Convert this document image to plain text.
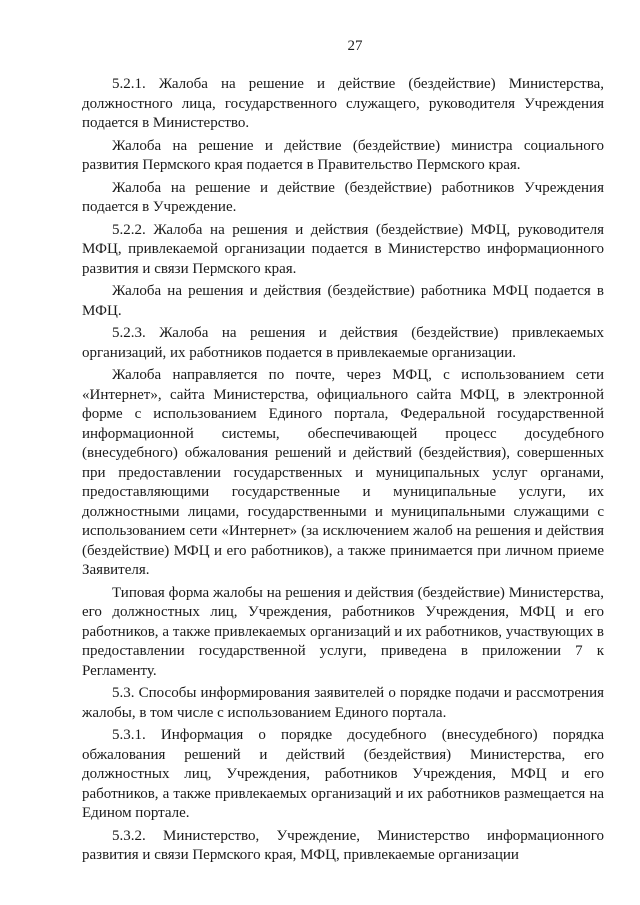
27

5.2.1. Жалоба на решение и действие (бездействие) Министерства, должностного лица, государственного служащего, руководителя Учреждения подается в Министерство.

Жалоба на решение и действие (бездействие) министра социального развития Пермского края подается в Правительство Пермского края.

Жалоба на решение и действие (бездействие) работников Учреждения подается в Учреждение.

5.2.2. Жалоба на решения и действия (бездействие) МФЦ, руководителя МФЦ, привлекаемой организации подается в Министерство информационного развития и связи Пермского края.

Жалоба на решения и действия (бездействие) работника МФЦ подается в МФЦ.

5.2.3. Жалоба на решения и действия (бездействие) привлекаемых организаций, их работников подается в привлекаемые организации.

Жалоба направляется по почте, через МФЦ, с использованием сети «Интернет», сайта Министерства, официального сайта МФЦ, в электронной форме с использованием Единого портала, Федеральной государственной информационной системы, обеспечивающей процесс досудебного (внесудебного) обжалования решений и действий (бездействия), совершенных при предоставлении государственных и муниципальных услуг органами, предоставляющими государственные и муниципальные услуги, их должностными лицами, государственными и муниципальными служащими с использованием сети «Интернет» (за исключением жалоб на решения и действия (бездействие) МФЦ и его работников), а также принимается при личном приеме Заявителя.

Типовая форма жалобы на решения и действия (бездействие) Министерства, его должностных лиц, Учреждения, работников Учреждения, МФЦ и его работников, а также привлекаемых организаций и их работников, участвующих в предоставлении государственной услуги, приведена в приложении 7 к Регламенту.

5.3. Способы информирования заявителей о порядке подачи и рассмотрения жалобы, в том числе с использованием Единого портала.

5.3.1. Информация о порядке досудебного (внесудебного) порядка обжалования решений и действий (бездействия) Министерства, его должностных лиц, Учреждения, работников Учреждения, МФЦ и его работников, а также привлекаемых организаций и их работников размещается на Едином портале.

5.3.2. Министерство, Учреждение, Министерство информационного развития и связи Пермского края, МФЦ, привлекаемые организации
